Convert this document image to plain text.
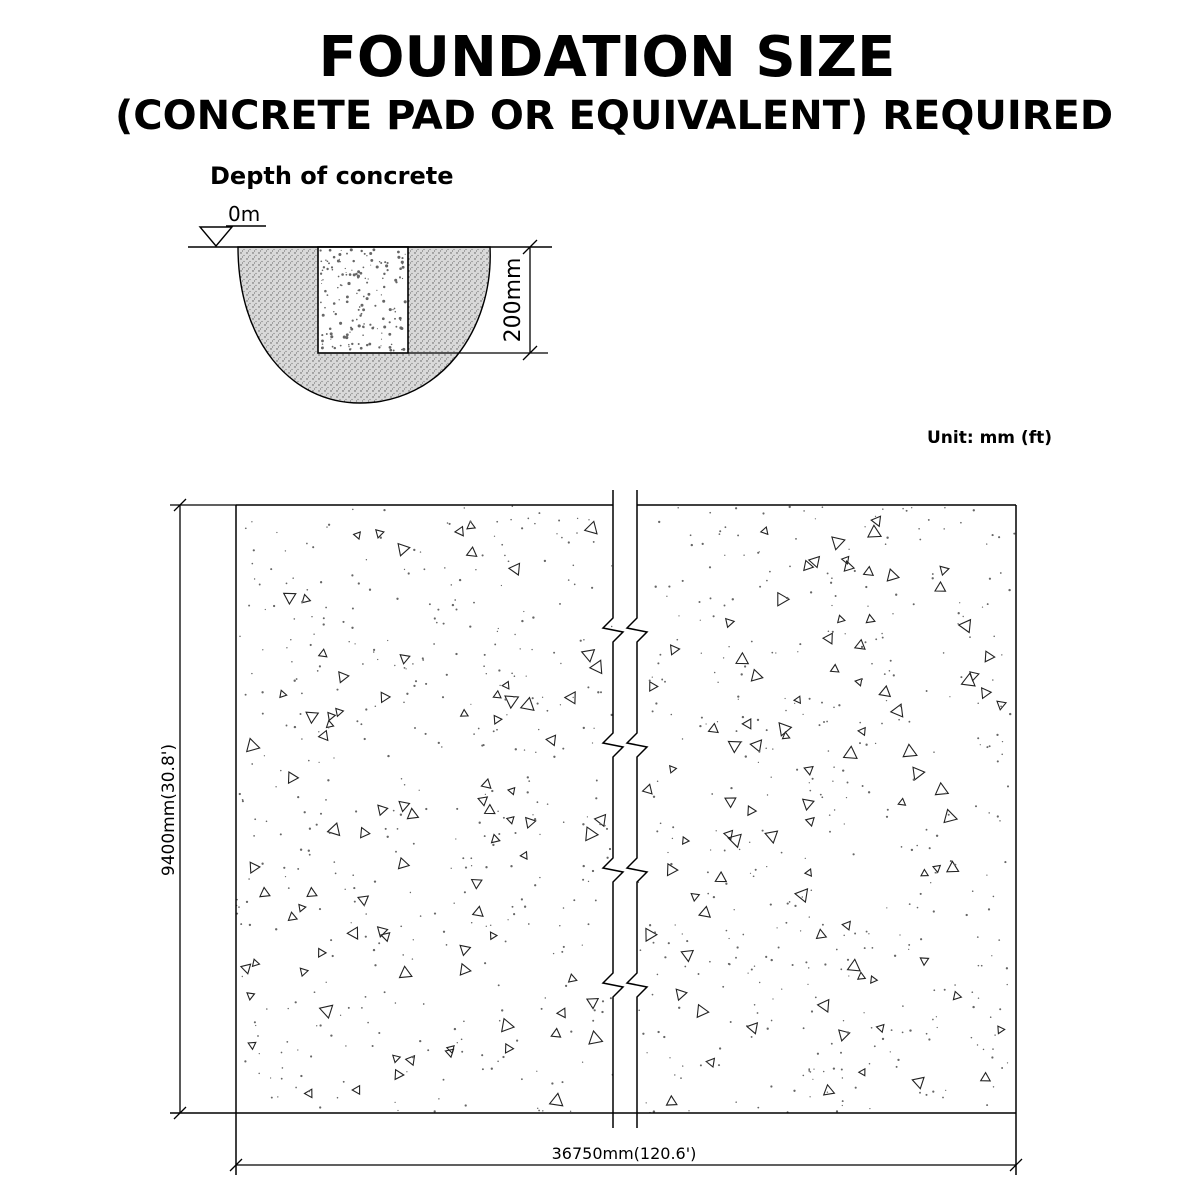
FOUNDATION SIZE
(CONCRETE PAD OR EQUIVALENT) REQUIRED
Depth of concrete
0m
200mm
Unit: mm (ft)
9400mm(30.8')
36750mm(120.6')
